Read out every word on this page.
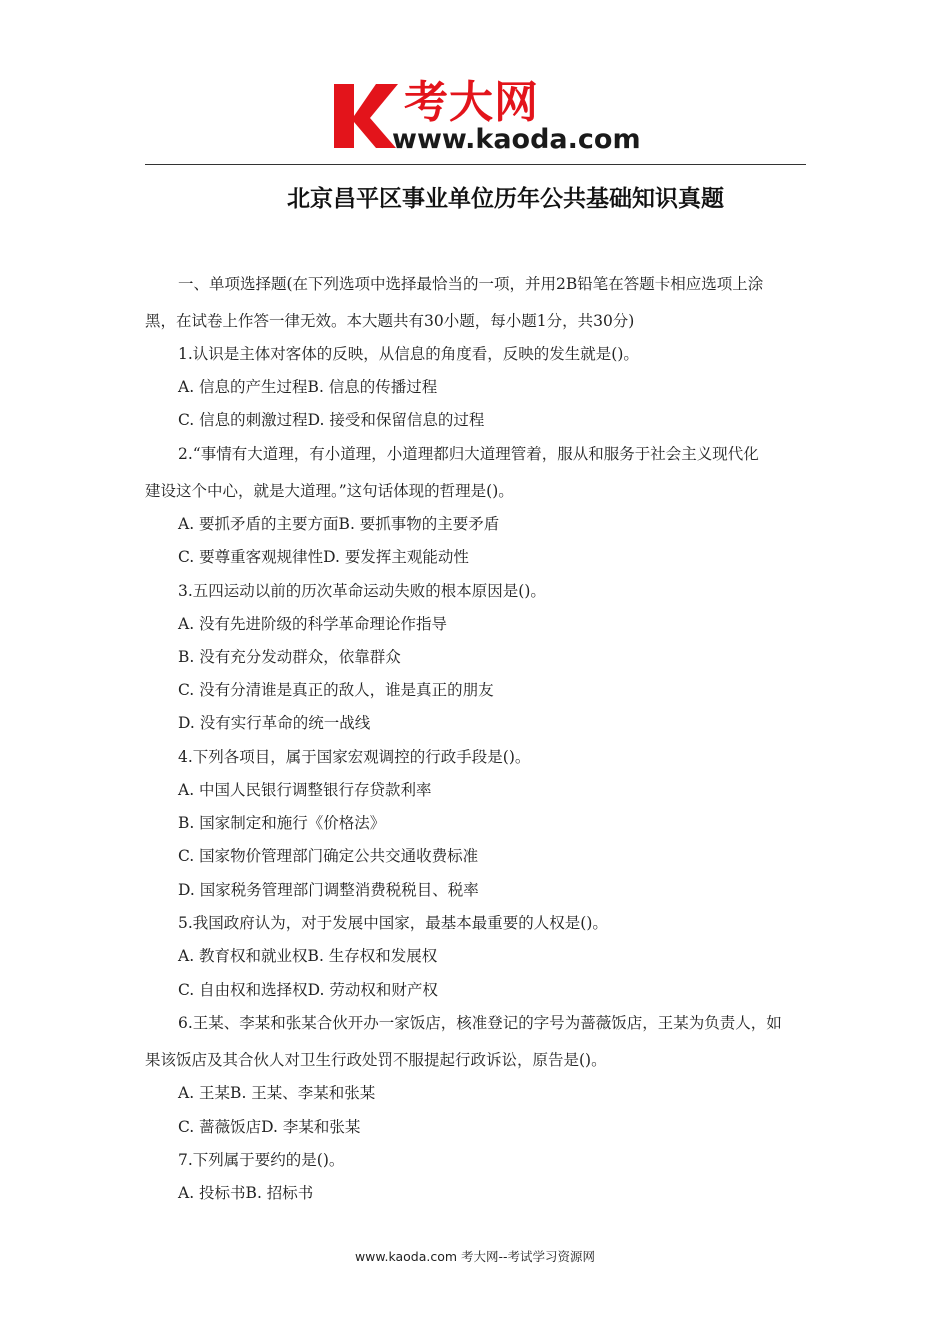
考大网
www.kaoda.com
北京昌平区事业单位历年公共基础知识真题
一、单项选择题(在下列选项中选择最恰当的一项，并用2B铅笔在答题卡相应选项上涂
黑，在试卷上作答一律无效。本大题共有30小题，每小题1分，共30分)
1.认识是主体对客体的反映，从信息的角度看，反映的发生就是()。
A. 信息的产生过程B. 信息的传播过程
C. 信息的刺激过程D. 接受和保留信息的过程
2.“事情有大道理，有小道理，小道理都归大道理管着，服从和服务于社会主义现代化
建设这个中心，就是大道理。”这句话体现的哲理是()。
A. 要抓矛盾的主要方面B. 要抓事物的主要矛盾
C. 要尊重客观规律性D. 要发挥主观能动性
3.五四运动以前的历次革命运动失败的根本原因是()。
A. 没有先进阶级的科学革命理论作指导
B. 没有充分发动群众，依靠群众
C. 没有分清谁是真正的敌人，谁是真正的朋友
D. 没有实行革命的统一战线
4.下列各项目，属于国家宏观调控的行政手段是()。
A. 中国人民银行调整银行存贷款利率
B. 国家制定和施行《价格法》
C. 国家物价管理部门确定公共交通收费标准
D. 国家税务管理部门调整消费税税目、税率
5.我国政府认为，对于发展中国家，最基本最重要的人权是()。
A. 教育权和就业权B. 生存权和发展权
C. 自由权和选择权D. 劳动权和财产权
6.王某、李某和张某合伙开办一家饭店，核准登记的字号为蔷薇饭店，王某为负责人，如
果该饭店及其合伙人对卫生行政处罚不服提起行政诉讼，原告是()。
A. 王某B. 王某、李某和张某
C. 蔷薇饭店D. 李某和张某
7.下列属于要约的是()。
A. 投标书B. 招标书
www.kaoda.com 考大网--考试学习资源网
